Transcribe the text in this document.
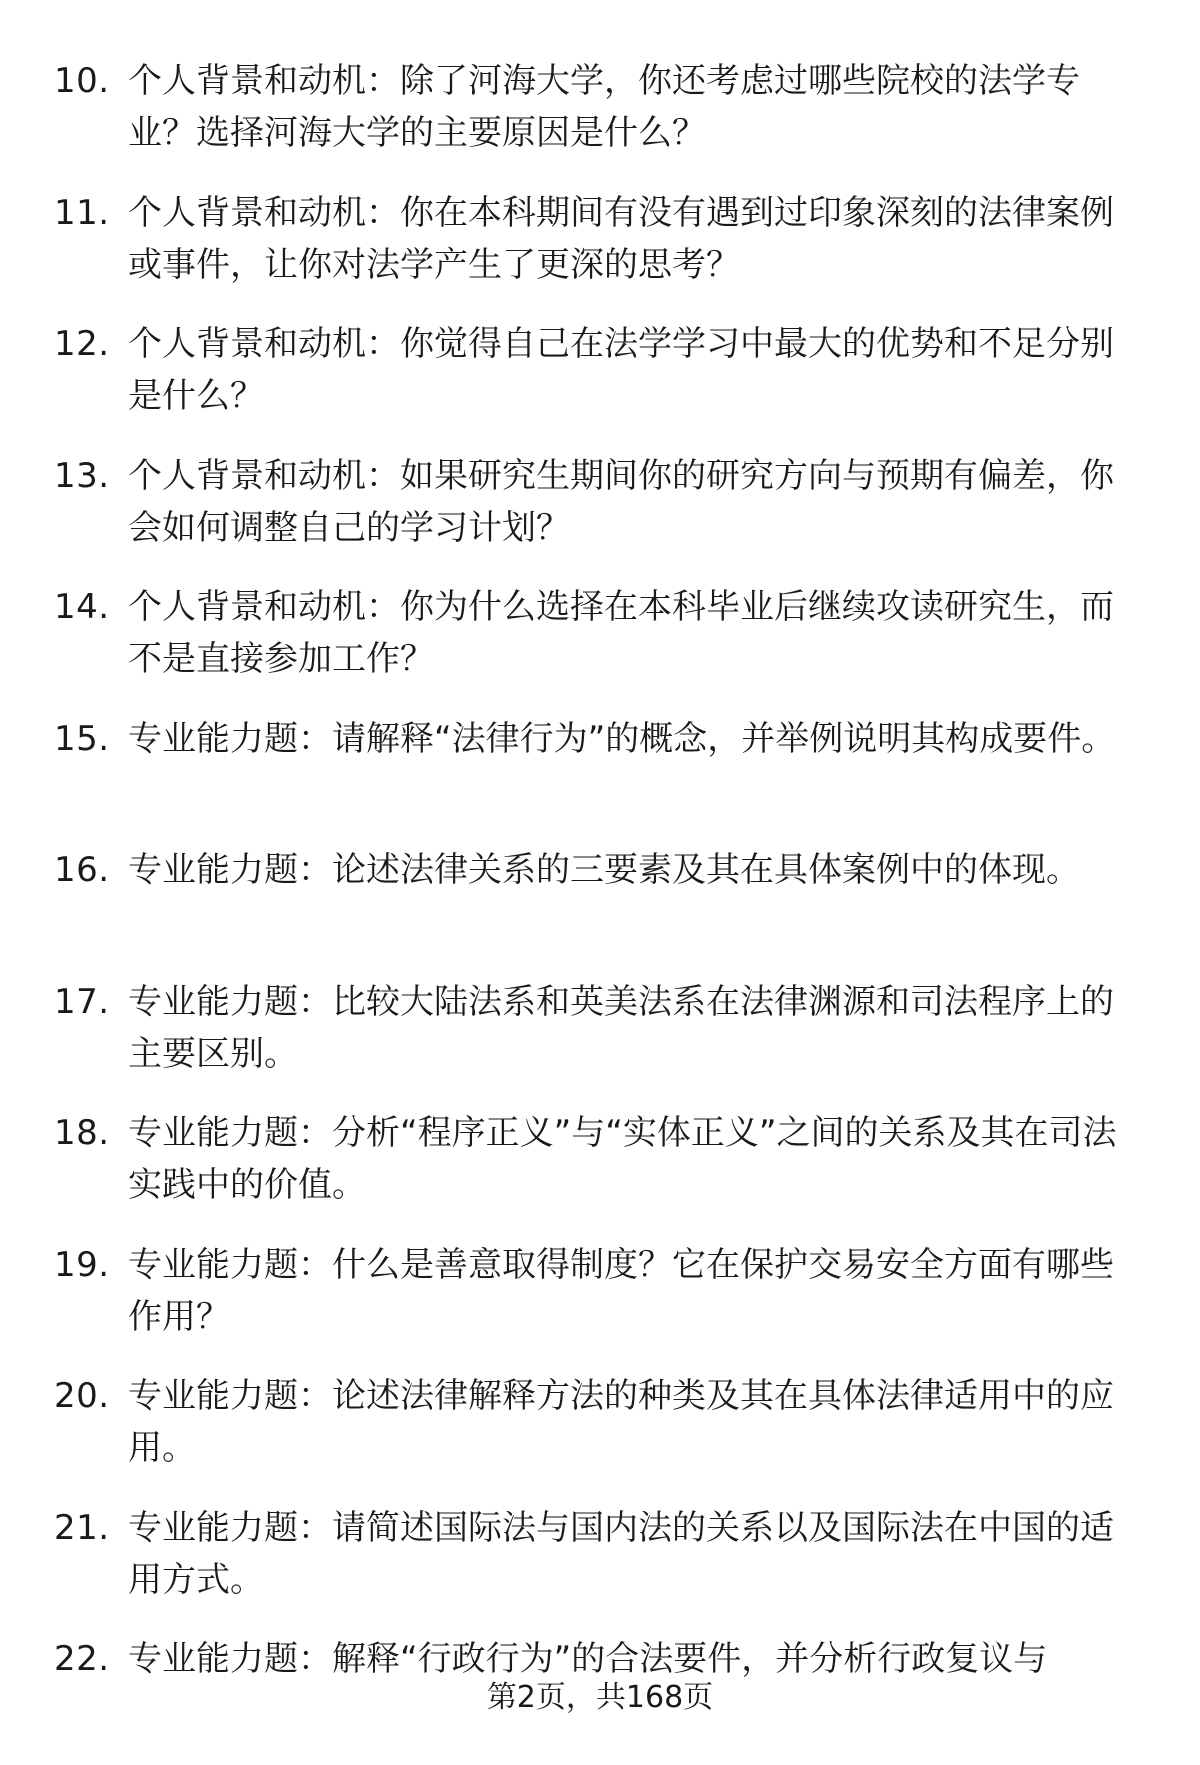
10. 个人背景和动机：除了河海大学，你还考虑过哪些院校的法学专业？选择河海大学的主要原因是什么？
11. 个人背景和动机：你在本科期间有没有遇到过印象深刻的法律案例或事件，让你对法学产生了更深的思考？
12. 个人背景和动机：你觉得自己在法学学习中最大的优势和不足分别是什么？
13. 个人背景和动机：如果研究生期间你的研究方向与预期有偏差，你会如何调整自己的学习计划？
14. 个人背景和动机：你为什么选择在本科毕业后继续攻读研究生，而不是直接参加工作？
15. 专业能力题：请解释“法律行为”的概念，并举例说明其构成要件。
16. 专业能力题：论述法律关系的三要素及其在具体案例中的体现。
17. 专业能力题：比较大陆法系和英美法系在法律渊源和司法程序上的主要区别。
18. 专业能力题：分析“程序正义”与“实体正义”之间的关系及其在司法实践中的价值。
19. 专业能力题：什么是善意取得制度？它在保护交易安全方面有哪些作用？
20. 专业能力题：论述法律解释方法的种类及其在具体法律适用中的应用。
21. 专业能力题：请简述国际法与国内法的关系以及国际法在中国的适用方式。
22. 专业能力题：解释“行政行为”的合法要件，并分析行政复议与
第2页，共168页
